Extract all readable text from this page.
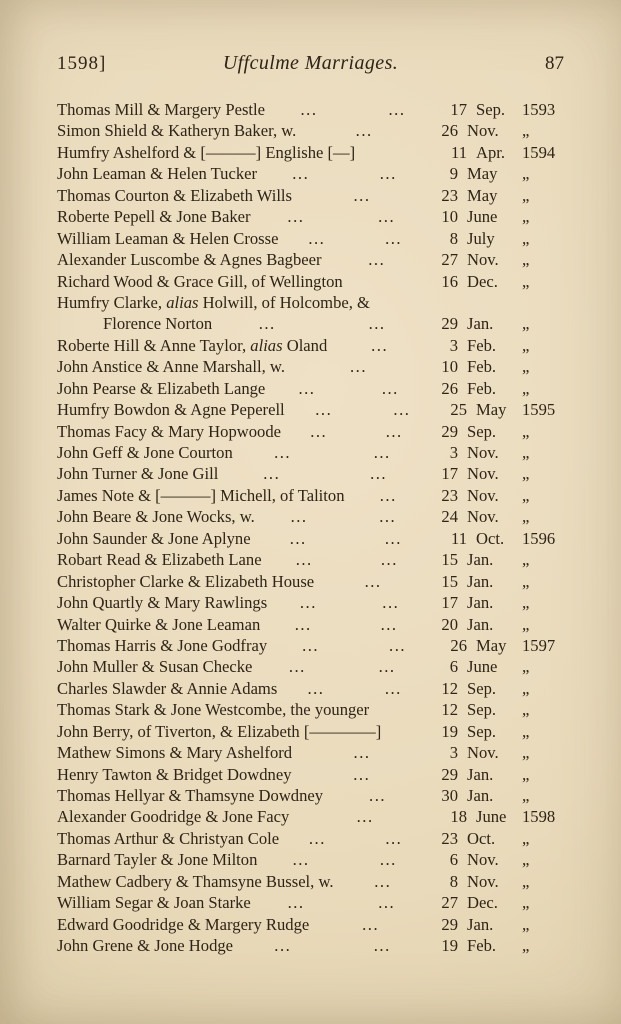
1598]	Uffculme Marriages.	87
Thomas Mill & Margery Pestle ...	...	17 Sep.	1593
Simon Shield & Katheryn Baker, w.	...	26 Nov.	„
Humfry Ashelford & [———] Englishe [—]	11 Apr.	1594
John Leaman & Helen Tucker ...	...	9 May	„
Thomas Courton & Elizabeth Wills	...	23 May	„
Roberte Pepell & Jone Baker ...	...	10 June	„
William Leaman & Helen Crosse ...	...	8 July	„
Alexander Luscombe & Agnes Bagbeer	...	27 Nov.	„
Richard Wood & Grace Gill, of Wellington	16 Dec.	„
Humfry Clarke, alias Holwill, of Holcombe, &
Florence Norton	...	...	29 Jan.	„
Roberte Hill & Anne Taylor, alias Oland	...	3 Feb.	„
John Anstice & Anne Marshall, w.	...	10 Feb.	„
John Pearse & Elizabeth Lange ...	...	26 Feb.	„
Humfry Bowdon & Agne Peperell ...	...	25 May 1595
Thomas Facy & Mary Hopwoode ...	...	29 Sep.	„
John Geff & Jone Courton ...	...	3 Nov.	„
John Turner & Jone Gill	...	...	17 Nov.	„
James Note & [———] Michell, of Taliton ...	23 Nov.	„
John Beare & Jone Wocks, w. ...	...	24 Nov.	„
John Saunder & Jone Aplyne ...	...	11 Oct.	1596
Robart Read & Elizabeth Lane ...	...	15 Jan.	„
Christopher Clarke & Elizabeth House	...	15 Jan.	„
John Quartly & Mary Rawlings ...	...	17 Jan.	„
Walter Quirke & Jone Leaman ...	...	20 Jan.	„
Thomas Harris & Jone Godfray ...	...	26 May 1597
John Muller & Susan Checke ...	...	6 June	„
Charles Slawder & Annie Adams ...	...	12 Sep.	„
Thomas Stark & Jone Westcombe, the younger	12 Sep.	„
John Berry, of Tiverton, & Elizabeth [————]	19 Sep.	„
Mathew Simons & Mary Ashelford	...	3 Nov.	„
Henry Tawton & Bridget Dowdney	...	29 Jan.	„
Thomas Hellyar & Thamsyne Dowdney	...	30 Jan.	„
Alexander Goodridge & Jone Facy	...	18 June 1598
Thomas Arthur & Christyan Cole ...	...	23 Oct.	„
Barnard Tayler & Jone Milton ...	...	6 Nov.	„
Mathew Cadbery & Thamsyne Bussel, w. ...	8 Nov.	„
William Segar & Joan Starke ...	...	27 Dec.	„
Edward Goodridge & Margery Rudge	...	29 Jan.	„
John Grene & Jone Hodge ...	...	19 Feb.	„
